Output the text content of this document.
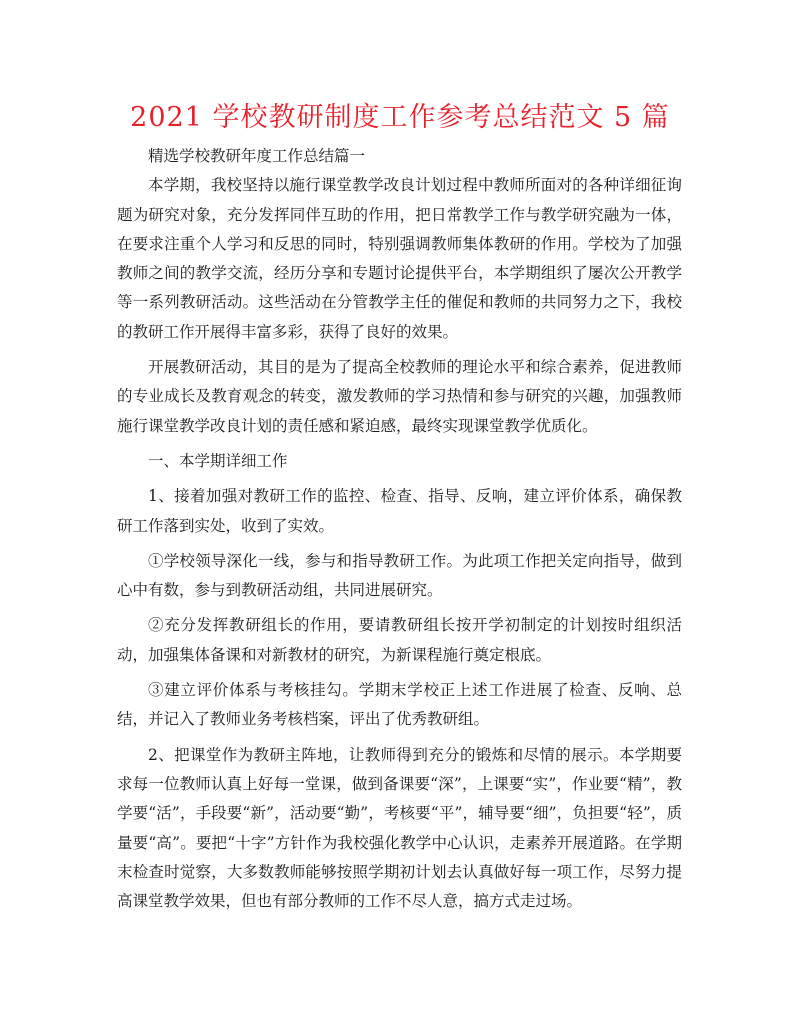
2021 学校教研制度工作参考总结范文 5 篇

精选学校教研年度工作总结篇一

本学期，我校坚持以施行课堂教学改良计划过程中教师所面对的各种详细征询题为研究对象，充分发挥同伴互助的作用，把日常教学工作与教学研究融为一体，在要求注重个人学习和反思的同时，特别强调教师集体教研的作用。学校为了加强教师之间的教学交流，经历分享和专题讨论提供平台，本学期组织了屡次公开教学等一系列教研活动。这些活动在分管教学主任的催促和教师的共同努力之下，我校的教研工作开展得丰富多彩，获得了良好的效果。

开展教研活动，其目的是为了提高全校教师的理论水平和综合素养，促进教师的专业成长及教育观念的转变，激发教师的学习热情和参与研究的兴趣，加强教师施行课堂教学改良计划的责任感和紧迫感，最终实现课堂教学优质化。

一、本学期详细工作

1、接着加强对教研工作的监控、检查、指导、反响，建立评价体系，确保教研工作落到实处，收到了实效。

①学校领导深化一线，参与和指导教研工作。为此项工作把关定向指导，做到心中有数，参与到教研活动组，共同进展研究。

②充分发挥教研组长的作用，要请教研组长按开学初制定的计划按时组织活动，加强集体备课和对新教材的研究，为新课程施行奠定根底。

③建立评价体系与考核挂勾。学期末学校正上述工作进展了检查、反响、总结，并记入了教师业务考核档案，评出了优秀教研组。

2、把课堂作为教研主阵地，让教师得到充分的锻炼和尽情的展示。本学期要求每一位教师认真上好每一堂课，做到备课要“深”，上课要“实”，作业要“精”，教学要“活”，手段要“新”，活动要“勤”，考核要“平”，辅导要“细”，负担要“轻”，质量要“高”。要把“十字”方针作为我校强化教学中心认识，走素养开展道路。在学期末检查时觉察，大多数教师能够按照学期初计划去认真做好每一项工作，尽努力提高课堂教学效果，但也有部分教师的工作不尽人意，搞方式走过场。
